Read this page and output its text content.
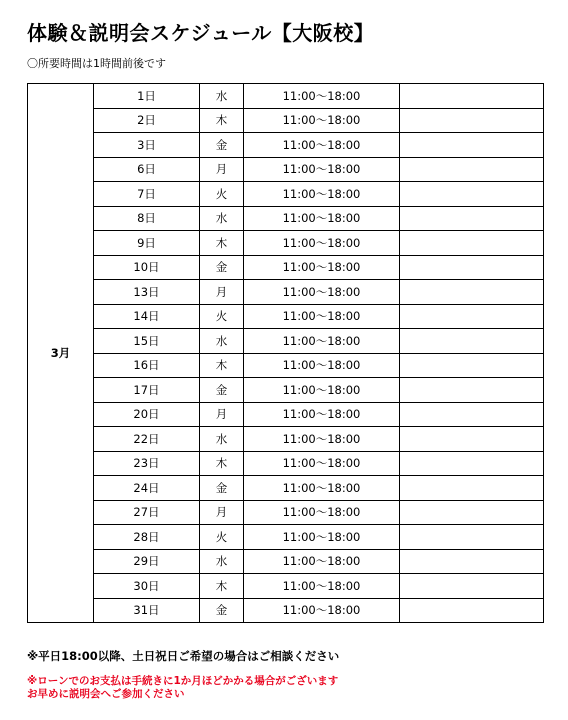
体験＆説明会スケジュール【大阪校】
〇所要時間は1時間前後です
3月	1日	水	11:00〜18:00	
	2日	木	11:00〜18:00	
	3日	金	11:00〜18:00	
	6日	月	11:00〜18:00	
	7日	火	11:00〜18:00	
	8日	水	11:00〜18:00	
	9日	木	11:00〜18:00	
	10日	金	11:00〜18:00	
	13日	月	11:00〜18:00	
	14日	火	11:00〜18:00	
	15日	水	11:00〜18:00	
	16日	木	11:00〜18:00	
	17日	金	11:00〜18:00	
	20日	月	11:00〜18:00	
	22日	水	11:00〜18:00	
	23日	木	11:00〜18:00	
	24日	金	11:00〜18:00	
	27日	月	11:00〜18:00	
	28日	火	11:00〜18:00	
	29日	水	11:00〜18:00	
	30日	木	11:00〜18:00	
	31日	金	11:00〜18:00	
※平日18:00以降、土日祝日ご希望の場合はご相談ください
※ローンでのお支払は手続きに1か月ほどかかる場合がございます
お早めに説明会へご参加ください
